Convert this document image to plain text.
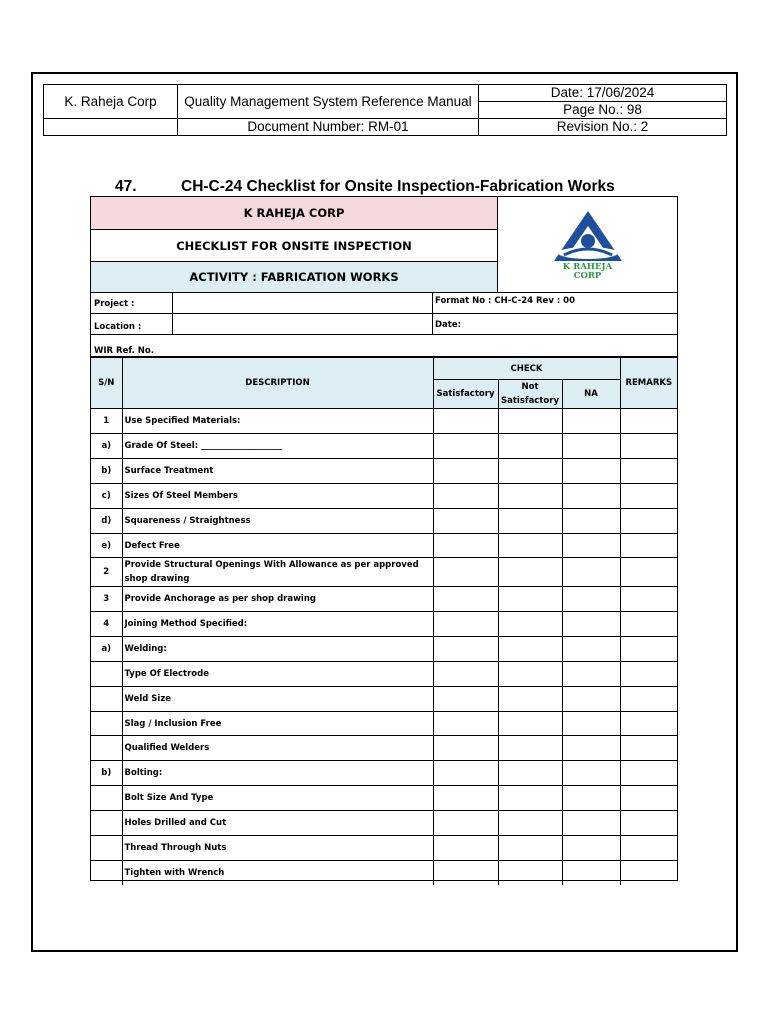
K. Raheja Corp	Quality Management System Reference Manual	Date: 17/06/2024
		Page No.: 98
	Document Number: RM-01	Revision No.: 2
47.	CH-C-24 Checklist for Onsite Inspection-Fabrication Works
K RAHEJA CORP
CHECKLIST FOR ONSITE INSPECTION
ACTIVITY : FABRICATION WORKS
K RAHEJA
CORP
Project :	Format No : CH-C-24 Rev : 00
Location :	Date:
WIR Ref. No.
S/N	DESCRIPTION	CHECK			REMARKS
		Satisfactory	Not Satisfactory	NA	
1	Use Specified Materials:				
a)	Grade Of Steel: ___________________				
b)	Surface Treatment				
c)	Sizes Of Steel Members				
d)	Squareness / Straightness				
e)	Defect Free				
2	Provide Structural Openings With Allowance as per approved shop drawing				
3	Provide Anchorage as per shop drawing				
4	Joining Method Specified:				
a)	Welding:				
	Type Of Electrode				
	Weld Size				
	Slag / Inclusion Free				
	Qualified Welders				
b)	Bolting:				
	Bolt Size And Type				
	Holes Drilled and Cut				
	Thread Through Nuts				
	Tighten with Wrench				
